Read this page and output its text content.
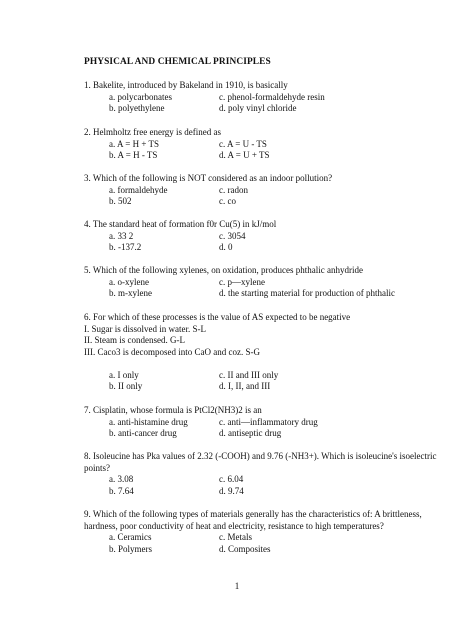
PHYSICAL AND CHEMICAL PRINCIPLES
1. Bakelite, introduced by Bakeland in 1910, is basically
a. polycarbonates	c. phenol-formaldehyde resin
b. polyethylene	d. poly vinyl chloride
2. Helmholtz free energy is defined as
a. A = H + TS	c. A = U - TS
b. A = H - TS	d. A = U + TS
3. Which of the following is NOT considered as an indoor pollution?
a. formaldehyde	c. radon
b. 502	c. co
4. The standard heat of formation f0r Cu(5) in kJ/mol
a. 33 2	c. 3054
b. -137.2	d. 0
5. Which of the following xylenes, on oxidation, produces phthalic anhydride
a. o-xylene	c. p—xylene
b. m-xylene	d. the starting material for production of phthalic
6. For which of these processes is the value of AS expected to be negative
I. Sugar is dissolved in water. S-L
II. Steam is condensed. G-L
III. Caco3 is decomposed into CaO and coz. S-G
a. I only	c. II and III only
b. II only	d. I, II, and III
7. Cisplatin, whose formula is PtCl2(NH3)2 is an
a. anti-histamine drug	c. anti—inflammatory drug
b. anti-cancer drug	d. antiseptic drug
8. Isoleucine has Pka values of 2.32 (-COOH) and 9.76 (-NH3+). Which is isoleucine's isoelectric
points?
a. 3.08	c. 6.04
b. 7.64	d. 9.74
9. Which of the following types of materials generally has the characteristics of: A brittleness,
hardness, poor conductivity of heat and electricity, resistance to high temperatures?
a. Ceramics	c. Metals
b. Polymers	d. Composites
1
